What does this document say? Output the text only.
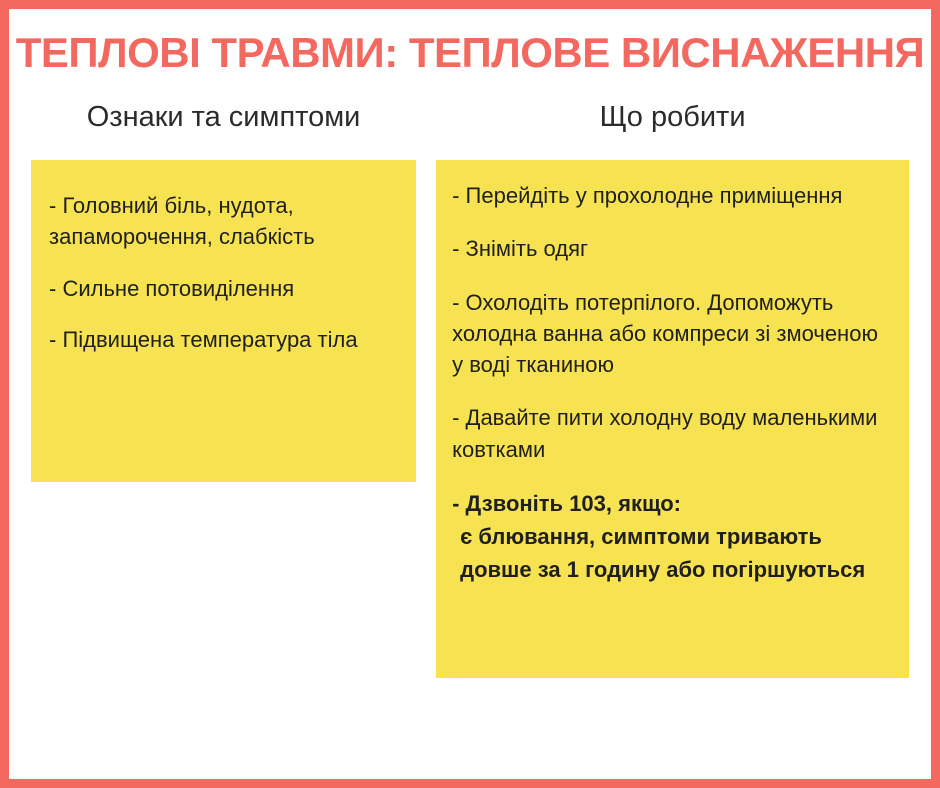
ТЕПЛОВІ ТРАВМИ: ТЕПЛОВЕ ВИСНАЖЕННЯ
Ознаки та симптоми

- Головний біль, нудота, запаморочення, слабкість

- Сильне потовиділення

- Підвищена температура тіла

Що робити

- Перейдіть у прохолодне приміщення

- Зніміть одяг

- Охолодіть потерпілого. Допоможуть холодна ванна або компреси зі змоченою у воді тканиною

- Давайте пити холодну воду маленькими ковтками

- Дзвоніть 103, якщо:
є блювання, симптоми тривають довше за 1 годину або погіршуються
